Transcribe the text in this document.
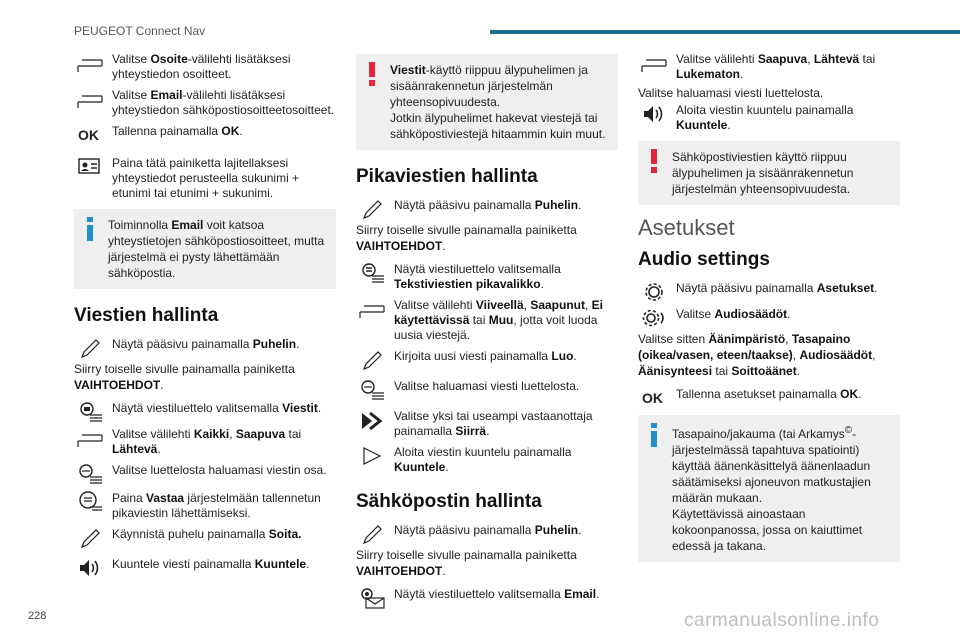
PEUGEOT Connect Nav
Valitse Osoite-välilehti lisätäksesi yhteystiedon osoitteet.
Valitse Email-välilehti lisätäksesi yhteystiedon sähköpostiosoitteetosoitteet.
OK Tallenna painamalla OK.
Paina tätä painiketta lajitellaksesi yhteystiedot perusteella sukunimi + etunimi tai etunimi + sukunimi.
Toiminnolla Email voit katsoa yhteystietojen sähköpostiosoitteet, mutta järjestelmä ei pysty lähettämään sähköpostia.
Viestien hallinta
Näytä pääsivu painamalla Puhelin.
Siirry toiselle sivulle painamalla painiketta VAIHTOEHDOT.
Näytä viestiluettelo valitsemalla Viestit.
Valitse välilehti Kaikki, Saapuva tai Lähtevä.
Valitse luettelosta haluamasi viestin osa.
Paina Vastaa järjestelmään tallennetun pikaviestin lähettämiseksi.
Käynnistä puhelu painamalla Soita.
Kuuntele viesti painamalla Kuuntele.
Viestit-käyttö riippuu älypuhelimen ja sisäänrakennetun järjestelmän yhteensopivuudesta.
Jotkin älypuhelimet hakevat viestejä tai sähköpostiviestejä hitaammin kuin muut.
Pikaviestien hallinta
Näytä pääsivu painamalla Puhelin.
Siirry toiselle sivulle painamalla painiketta VAIHTOEHDOT.
Näytä viestiluettelo valitsemalla Tekstiviestien pikavalikko.
Valitse välilehti Viiveellä, Saapunut, Ei käytettävissä tai Muu, jotta voit luoda uusia viestejä.
Kirjoita uusi viesti painamalla Luo.
Valitse haluamasi viesti luettelosta.
Valitse yksi tai useampi vastaanottaja painamalla Siirrä.
Aloita viestin kuuntelu painamalla Kuuntele.
Sähköpostin hallinta
Näytä pääsivu painamalla Puhelin.
Siirry toiselle sivulle painamalla painiketta VAIHTOEHDOT.
Näytä viestiluettelo valitsemalla Email.
Valitse välilehti Saapuva, Lähtevä tai Lukematon.
Valitse haluamasi viesti luettelosta.
Aloita viestin kuuntelu painamalla Kuuntele.
Sähköpostiviestien käyttö riippuu älypuhelimen ja sisäänrakennetun järjestelmän yhteensopivuudesta.
Asetukset
Audio settings
Näytä pääsivu painamalla Asetukset.
Valitse Audiosäädöt.
Valitse sitten Äänimpäristö, Tasapaino (oikea/vasen, eteen/taakse), Audiosäädöt, Äänisynteesi tai Soittoäänet.
OK Tallenna asetukset painamalla OK.
Tasapaino/jakauma (tai Arkamys©-järjestelmässä tapahtuva spatiointi) käyttää äänenkäsittelyä äänenlaadun säätämiseksi ajoneuvon matkustajien määrän mukaan.
Käytettävissä ainoastaan kokoonpanossa, jossa on kaiuttimet edessä ja takana.
228	carmanualsonline.info
